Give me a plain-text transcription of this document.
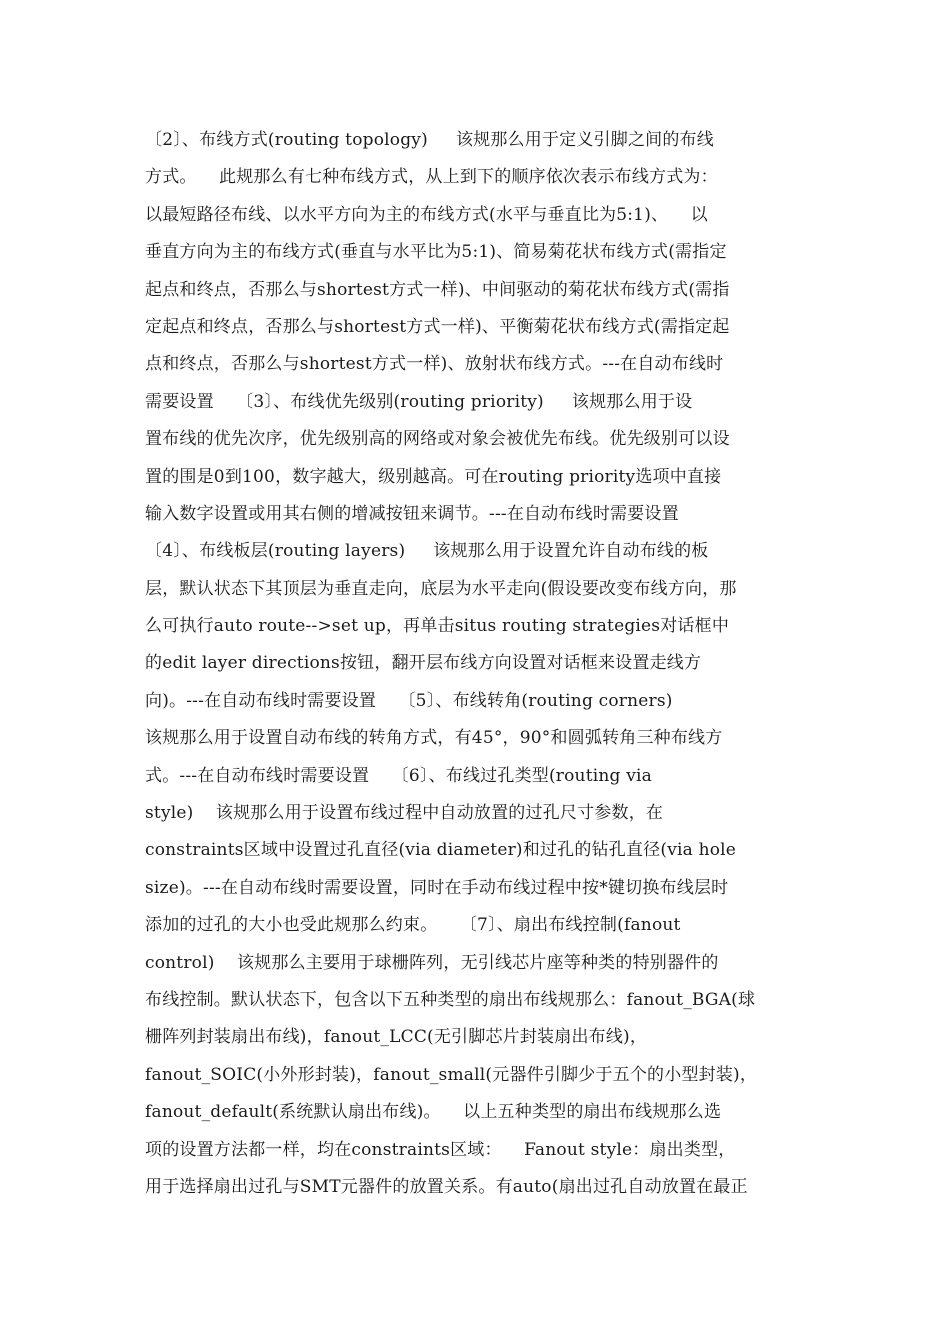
〔2〕、布线方式(routing topology)     该规那么用于定义引脚之间的布线
方式。    此规那么有七种布线方式，从上到下的顺序依次表示布线方式为：
以最短路径布线、以水平方向为主的布线方式(水平与垂直比为5:1)、    以
垂直方向为主的布线方式(垂直与水平比为5:1)、简易菊花状布线方式(需指定
起点和终点，否那么与shortest方式一样)、中间驱动的菊花状布线方式(需指
定起点和终点，否那么与shortest方式一样)、平衡菊花状布线方式(需指定起
点和终点，否那么与shortest方式一样)、放射状布线方式。---在自动布线时
需要设置    〔3〕、布线优先级别(routing priority)     该规那么用于设
置布线的优先次序，优先级别高的网络或对象会被优先布线。优先级别可以设
置的围是0到100，数字越大，级别越高。可在routing priority选项中直接
输入数字设置或用其右侧的增减按钮来调节。---在自动布线时需要设置
〔4〕、布线板层(routing layers)     该规那么用于设置允许自动布线的板
层，默认状态下其顶层为垂直走向，底层为水平走向(假设要改变布线方向，那
么可执行auto route-->set up，再单击situs routing strategies对话框中
的edit layer directions按钮，翻开层布线方向设置对话框来设置走线方
向)。---在自动布线时需要设置    〔5〕、布线转角(routing corners)
该规那么用于设置自动布线的转角方式，有45°，90°和圆弧转角三种布线方
式。---在自动布线时需要设置    〔6〕、布线过孔类型(routing via
style)    该规那么用于设置布线过程中自动放置的过孔尺寸参数，在
constraints区域中设置过孔直径(via diameter)和过孔的钻孔直径(via hole
size)。---在自动布线时需要设置，同时在手动布线过程中按*键切换布线层时
添加的过孔的大小也受此规那么约束。    〔7〕、扇出布线控制(fanout
control)    该规那么主要用于球栅阵列，无引线芯片座等种类的特别器件的
布线控制。默认状态下，包含以下五种类型的扇出布线规那么：fanout_BGA(球
栅阵列封装扇出布线)，fanout_LCC(无引脚芯片封装扇出布线)，
fanout_SOIC(小外形封装)，fanout_small(元器件引脚少于五个的小型封装)，
fanout_default(系统默认扇出布线)。    以上五种类型的扇出布线规那么选
项的设置方法都一样，均在constraints区域：    Fanout style：扇出类型，
用于选择扇出过孔与SMT元器件的放置关系。有auto(扇出过孔自动放置在最正
